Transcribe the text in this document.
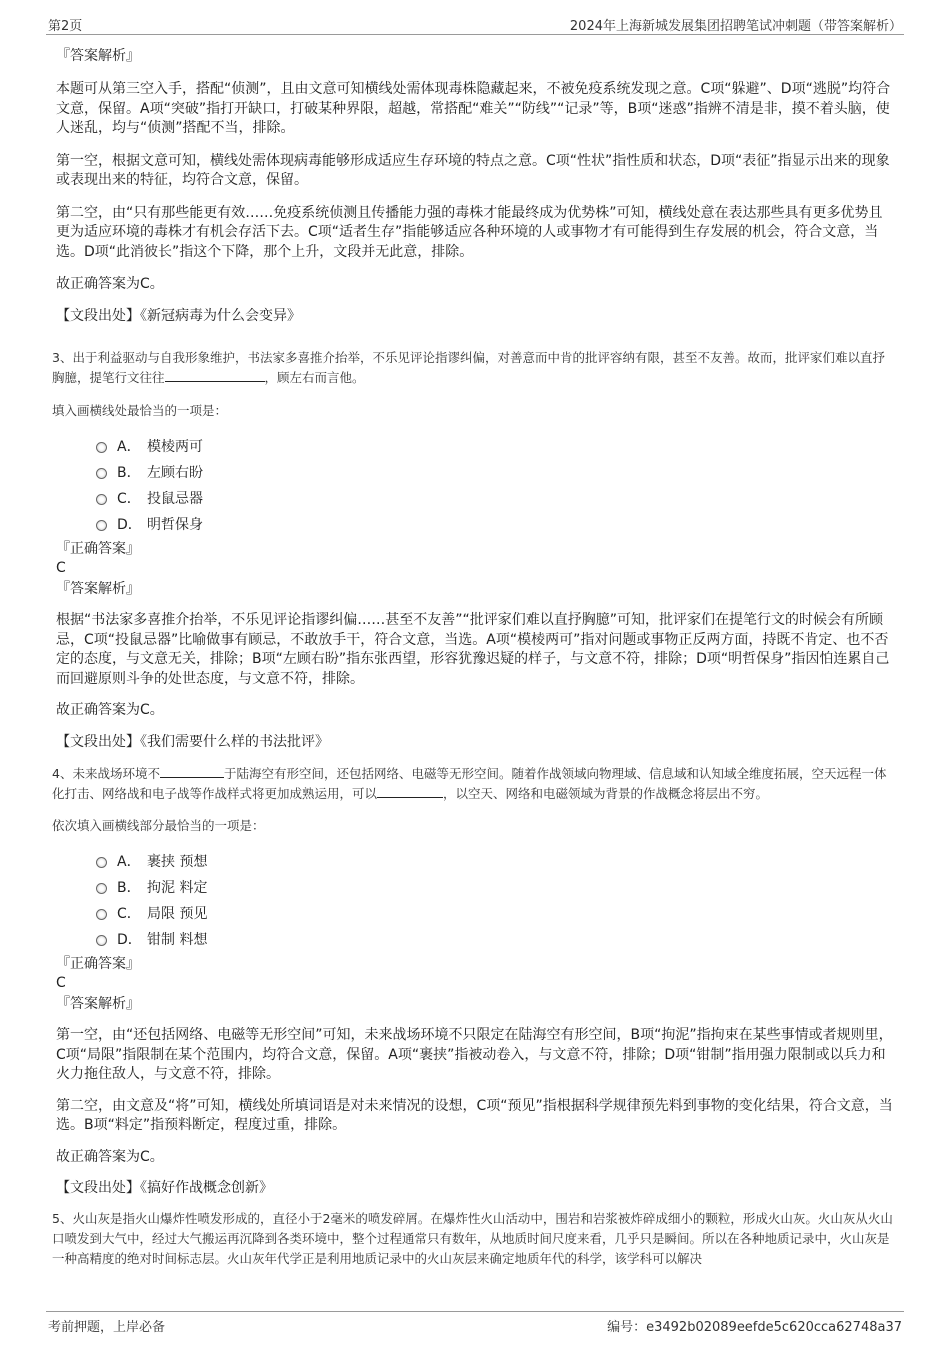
第2页	2024年上海新城发展集团招聘笔试冲刺题（带答案解析）
『答案解析』

本题可从第三空入手，搭配“侦测”，且由文意可知横线处需体现毒株隐藏起来，不被免疫系统发现之意。C项“躲避”、D项“逃脱”均符合文意，保留。A项“突破”指打开缺口，打破某种界限，超越，常搭配“难关”“防线”“记录”等，B项“迷惑”指辨不清是非，摸不着头脑，使人迷乱，均与“侦测”搭配不当，排除。

第一空，根据文意可知，横线处需体现病毒能够形成适应生存环境的特点之意。C项“性状”指性质和状态，D项“表征”指显示出来的现象或表现出来的特征，均符合文意，保留。

第二空，由“只有那些能更有效……免疫系统侦测且传播能力强的毒株才能最终成为优势株”可知，横线处意在表达那些具有更多优势且更为适应环境的毒株才有机会存活下去。C项“适者生存”指能够适应各种环境的人或事物才有可能得到生存发展的机会，符合文意，当选。D项“此消彼长”指这个下降，那个上升，文段并无此意，排除。

故正确答案为C。

【文段出处】《新冠病毒为什么会变异》

3、出于利益驱动与自我形象维护，书法家多喜推介抬举，不乐见评论指谬纠偏，对善意而中肯的批评容纳有限，甚至不友善。故而，批评家们难以直抒胸臆，提笔行文往往	，顾左右而言他。

填入画横线处最恰当的一项是：
A． 模棱两可
B． 左顾右盼
C． 投鼠忌器
D． 明哲保身
『正确答案』
C
『答案解析』

根据“书法家多喜推介抬举，不乐见评论指谬纠偏……甚至不友善”“批评家们难以直抒胸臆”可知，批评家们在提笔行文的时候会有所顾忌，C项“投鼠忌器”比喻做事有顾忌，不敢放手干，符合文意，当选。A项“模棱两可”指对问题或事物正反两方面，持既不肯定、也不否定的态度，与文意无关，排除；B项“左顾右盼”指东张西望，形容犹豫迟疑的样子，与文意不符，排除；D项“明哲保身”指因怕连累自己而回避原则斗争的处世态度，与文意不符，排除。

故正确答案为C。

【文段出处】《我们需要什么样的书法批评》

4、未来战场环境不	于陆海空有形空间，还包括网络、电磁等无形空间。随着作战领域向物理域、信息域和认知域全维度拓展，空天远程一体化打击、网络战和电子战等作战样式将更加成熟运用，可以	，以空天、网络和电磁领域为背景的作战概念将层出不穷。

依次填入画横线部分最恰当的一项是：
A． 裹挟 预想
B． 拘泥 料定
C． 局限 预见
D． 钳制 料想
『正确答案』
C
『答案解析』

第一空，由“还包括网络、电磁等无形空间”可知，未来战场环境不只限定在陆海空有形空间，B项“拘泥”指拘束在某些事情或者规则里，C项“局限”指限制在某个范围内，均符合文意，保留。A项“裹挟”指被动卷入，与文意不符，排除；D项“钳制”指用强力限制或以兵力和火力拖住敌人，与文意不符，排除。

第二空，由文意及“将”可知，横线处所填词语是对未来情况的设想，C项“预见”指根据科学规律预先料到事物的变化结果，符合文意，当选。B项“料定”指预料断定，程度过重，排除。

故正确答案为C。

【文段出处】《搞好作战概念创新》

5、火山灰是指火山爆炸性喷发形成的，直径小于2毫米的喷发碎屑。在爆炸性火山活动中，围岩和岩浆被炸碎成细小的颗粒，形成火山灰。火山灰从火山口喷发到大气中，经过大气搬运再沉降到各类环境中，整个过程通常只有数年，从地质时间尺度来看，几乎只是瞬间。所以在各种地质记录中，火山灰是一种高精度的绝对时间标志层。火山灰年代学正是利用地质记录中的火山灰层来确定地质年代的科学，该学科可以解决

考前押题，上岸必备	编号：e3492b02089eefde5c620cca62748a37
